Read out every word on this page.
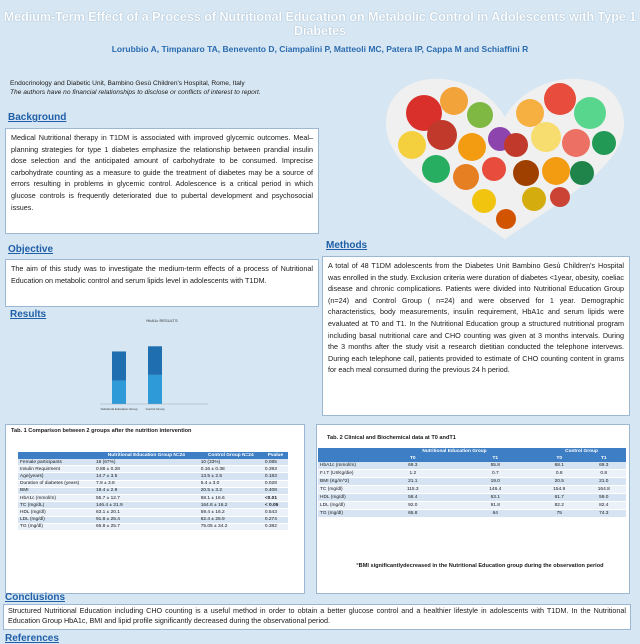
Medium-Term Effect of a Process of Nutritional Education on Metabolic Control in Adolescents with Type 1 Diabetes
Lorubbio A, Timpanaro TA, Benevento D, Ciampalini P, Matteoli MC, Patera IP, Cappa M and Schiaffini R
Endocrinology and Diabetic Unit, Bambino Gesù Children's Hospital, Rome, Italy
The authors have no financial relationships to disclose or conflicts of interest to report.
Background
Medical Nutritional therapy in T1DM is associated with improved glycemic outcomes. Meal–planning strategies for type 1 diabetes emphasize the relationship between prandial insulin dose selection and the anticipated amount of carbohydrate to be consumed. Imprecise carbohydrate counting as a measure to guide the treatment of diabetes may be a source of errors resulting in problems in glycemic control. Adolescence is a critical period in which glucose controls is frequently deteriorated due to pubertal development and psychosocial issues.
Objective
The aim of this study was to investigate the medium-term effects of a process of Nutritional Education on metabolic control and serum lipids level in adolescents with T1DM.
Results
HbA1c RESULTS
Nutritional Education Group	Control Group
Methods
A total of 48 T1DM adolescents from the Diabetes Unit Bambino Gesù Children's Hospital was enrolled in the study. Exclusion criteria were duration of diabetes <1year, obesity, coeliac disease and chronic complications. Patients were divided into Nutritional Education Group (n=24) and Control Group ( n=24) and were observed for 1 year. Demographic characteristics, body measurements, insulin requirement, HbA1c and serum lipids were evaluated at T0 and T1. In the Nutritional Education group a structured nutritional program including basal nutritional care and CHO counting was given at 3 months intervals. During the 3 months after the study visit a research dietitian conducted the telephone intervews. During each telephone call, patients provided to estimate of CHO counting content in grams for each meal consumed during the previous 24 h period.
Tab. 1 Comparison between 2 groups after the nutrition intervention
	Nutritional Education Group N=24	Control Group N=24	Pvalue
Female participants	16 (67%)	10 (33%)	0.085
Insulin Requirment	0.88 ± 0.28	0.16 ± 0.38	0.393
Age(years)	14.7 ± 3.5	13.5 ± 2.5	0.183
Duration of diabetes (years)	7.9 ± 3.8	5.4 ± 3.0	0.028
BMI	19.4 ± 2.9	20.5 ± 3.2	0.408
HbA1c (mmol/m)	55.7 ± 12.7	68.1 ± 16.6	<0.01
TC (mg/dL)	146.4 ± 31.9	164.8 ± 16.2	< 0.05
HDL (mg/dl)	63.1 ± 20.1	59.4 ± 16.2	0.543
LDL (mg/dl)	91.8 ± 25.4	82.4 ± 25.9	0.274
TG (mg/dl)	65.8 ± 25.7	75.05 ± 34.2	0.382
Tab. 2 Clinical and Biochemical data at T0 andT1
	Nutritional Education Group		Control Group	
	T0	T1	T0	T1
HbA1c (mmol/m)	69.3	55.8	68.1	69.3
F.I.T (UI/Kg/die)	1.2	0.7	0.8	0.8
BMI (Kg/m^2)	21.1	19.0	20.5	21.0
TC (mg/dl)	115.3	146.4	154.9	164.8
HDL (mg/dl)	58.4	63.1	61.7	59.0
LDL (mg/dl)	92.0	91.8	82.2	82.4
TG (mg/dl)	65.8	64	75	74.3
°BMI significantlydecreased in the Nutritional Education group during the observation period
Conclusions
Structured Nutritional Education including CHO counting is a useful method in order to obtain a better glucose control and a healthier lifestyle in adolescents with T1DM. In the Nutritional Education Group HbA1c, BMI and lipid profile significantly decreased during the observational period.
References
